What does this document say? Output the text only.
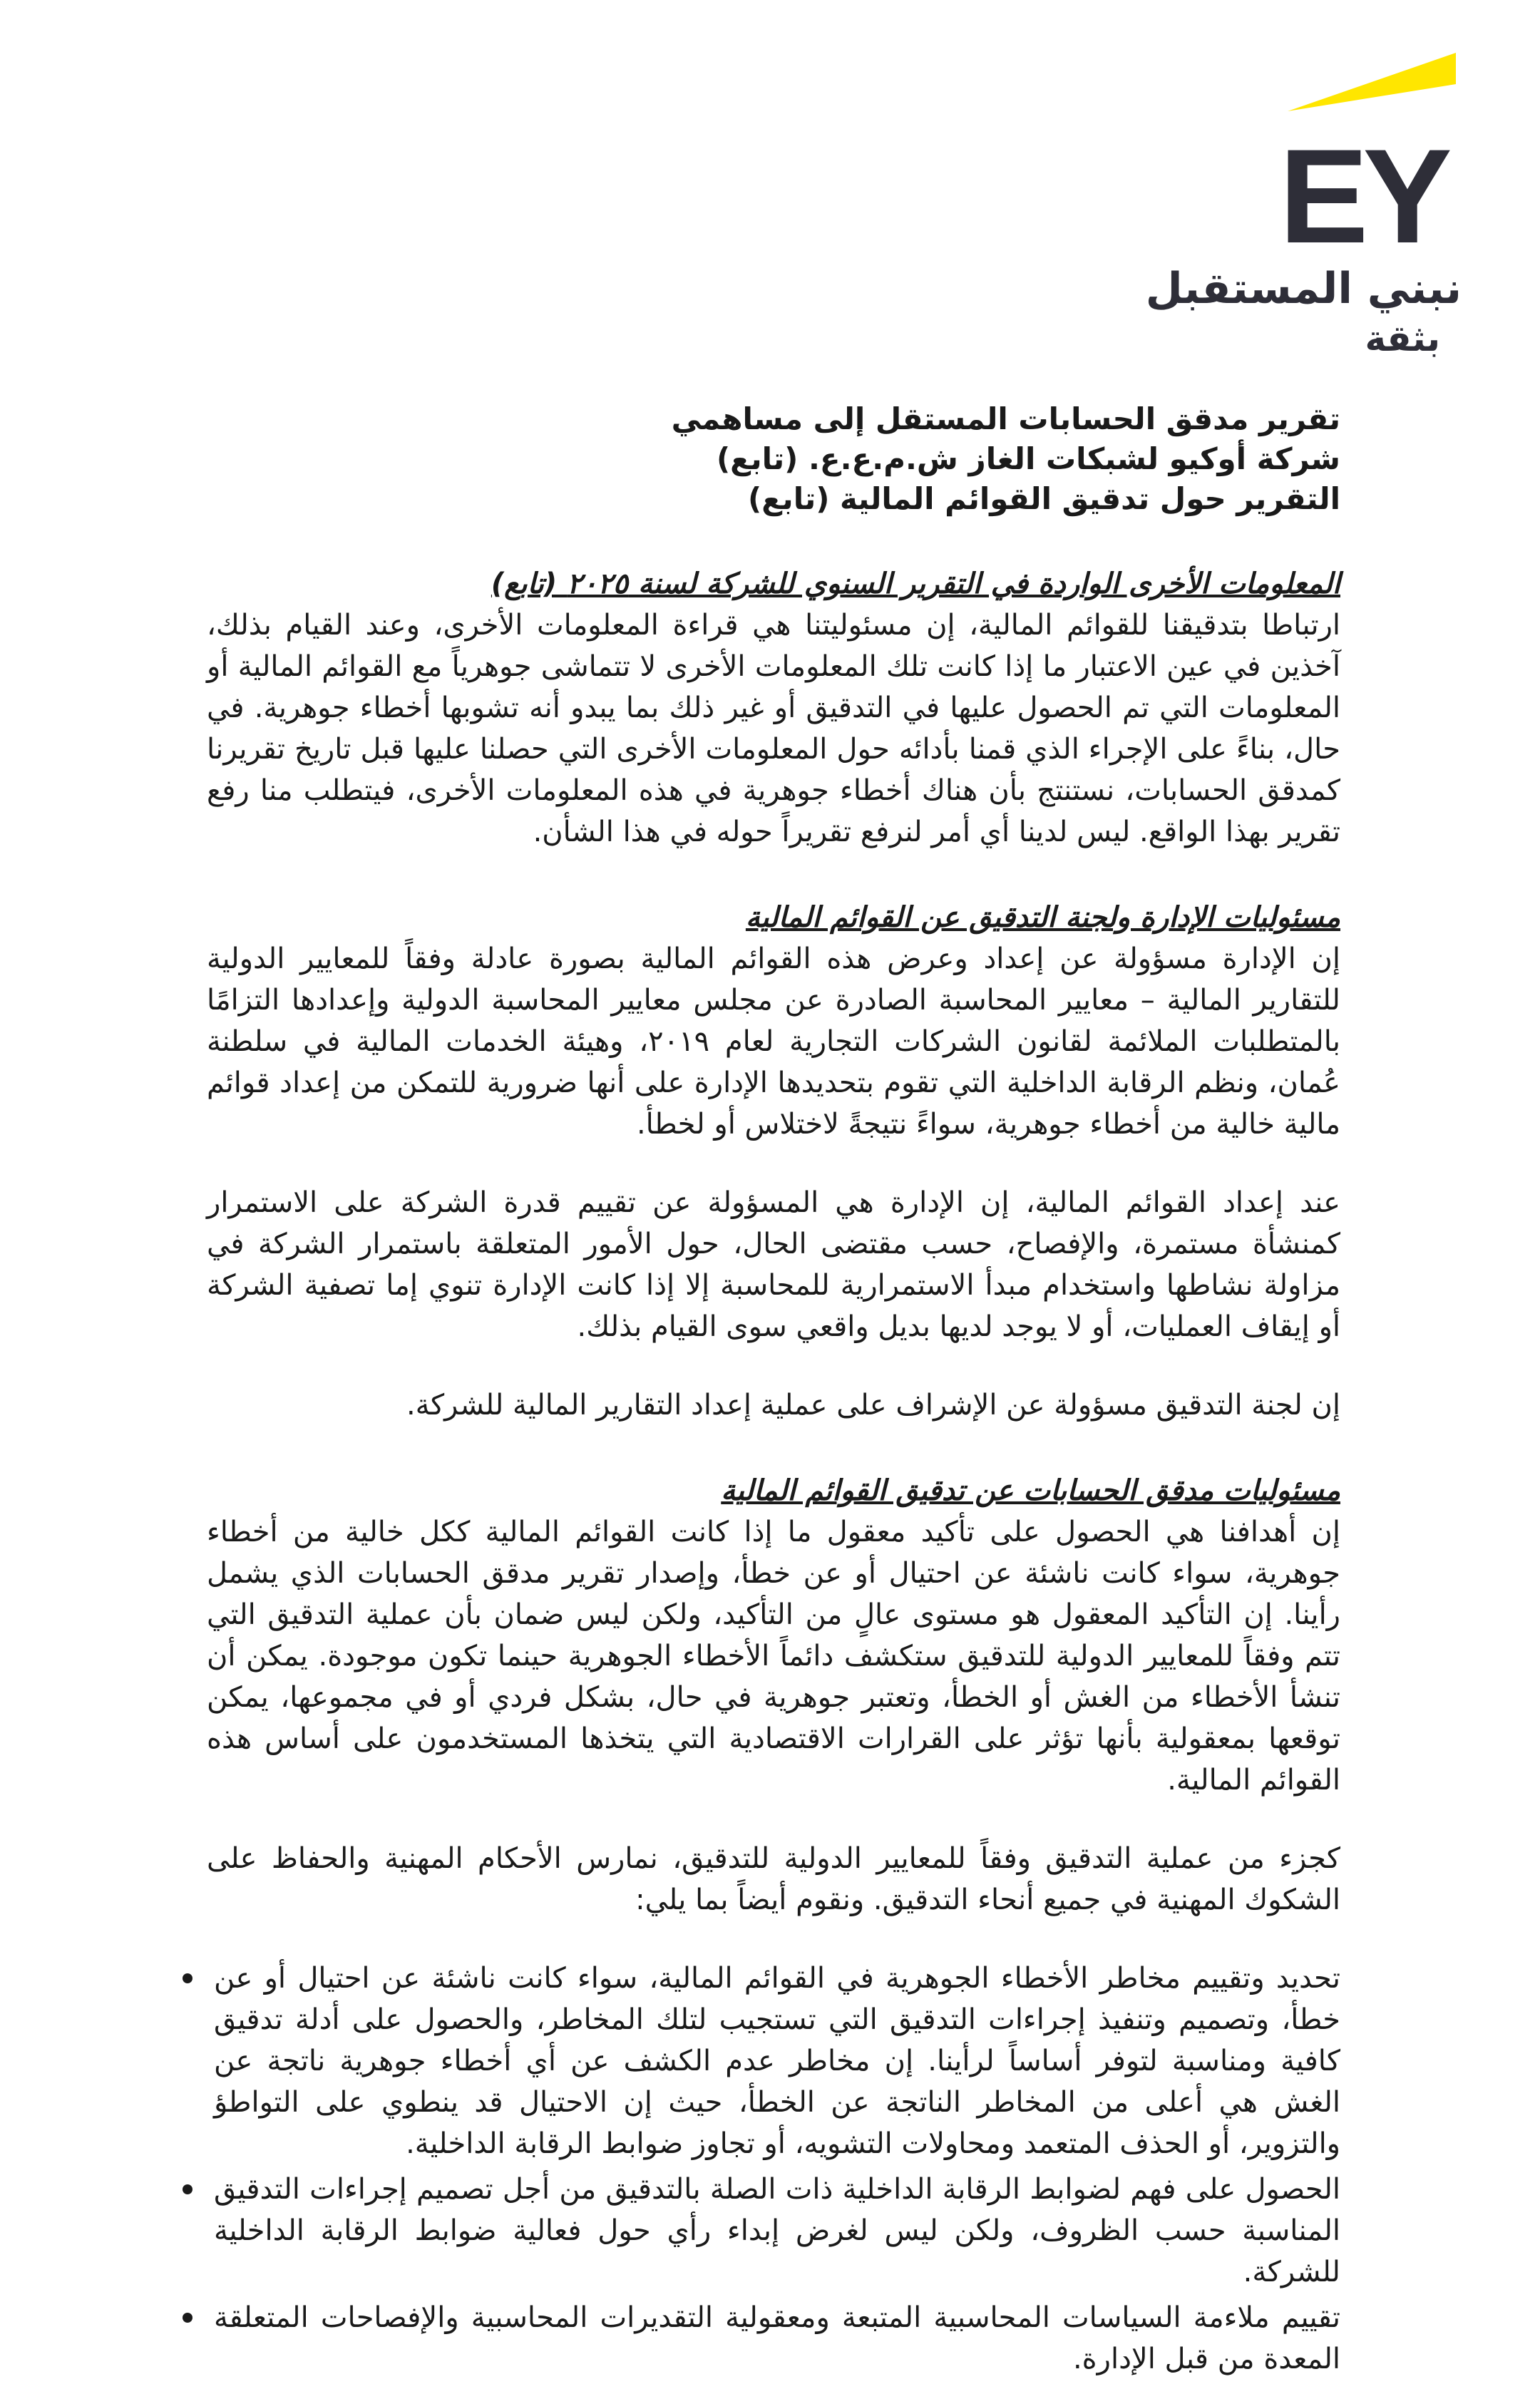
EY
نبني المستقبل
بثقة

تقرير مدقق الحسابات المستقل إلى مساهمي

شركة أوكيو لشبكات الغاز ش.م.ع.ع. (تابع)

التقرير حول تدقيق القوائم المالية (تابع)

المعلومات الأخرى الواردة في التقرير السنوي للشركة لسنة ٢٠٢٥ (تابع)

ارتباطا بتدقيقنا للقوائم المالية، إن مسئوليتنا هي قراءة المعلومات الأخرى، وعند القيام بذلك، آخذين في عين الاعتبار ما إذا كانت تلك المعلومات الأخرى لا تتماشى جوهرياً مع القوائم المالية أو المعلومات التي تم الحصول عليها في التدقيق أو غير ذلك بما يبدو أنه تشوبها أخطاء جوهرية. في حال، بناءً على الإجراء الذي قمنا بأدائه حول المعلومات الأخرى التي حصلنا عليها قبل تاريخ تقريرنا كمدقق الحسابات، نستنتج بأن هناك أخطاء جوهرية في هذه المعلومات الأخرى، فيتطلب منا رفع تقرير بهذا الواقع. ليس لدينا أي أمر لنرفع تقريراً حوله في هذا الشأن.

مسئوليات الإدارة ولجنة التدقيق عن القوائم المالية

إن الإدارة مسؤولة عن إعداد وعرض هذه القوائم المالية بصورة عادلة وفقاً للمعايير الدولية للتقارير المالية – معايير المحاسبة الصادرة عن مجلس معايير المحاسبة الدولية وإعدادها التزامًا بالمتطلبات الملائمة لقانون الشركات التجارية لعام ٢٠١٩، وهيئة الخدمات المالية في سلطنة عُمان، ونظم الرقابة الداخلية التي تقوم بتحديدها الإدارة على أنها ضرورية للتمكن من إعداد قوائم مالية خالية من أخطاء جوهرية، سواءً نتيجةً لاختلاس أو لخطأ.

عند إعداد القوائم المالية، إن الإدارة هي المسؤولة عن تقييم قدرة الشركة على الاستمرار كمنشأة مستمرة، والإفصاح، حسب مقتضى الحال، حول الأمور المتعلقة باستمرار الشركة في مزاولة نشاطها واستخدام مبدأ الاستمرارية للمحاسبة إلا إذا كانت الإدارة تنوي إما تصفية الشركة أو إيقاف العمليات، أو لا يوجد لديها بديل واقعي سوى القيام بذلك.

إن لجنة التدقيق مسؤولة عن الإشراف على عملية إعداد التقارير المالية للشركة.

مسئوليات مدقق الحسابات عن تدقيق القوائم المالية

إن أهدافنا هي الحصول على تأكيد معقول ما إذا كانت القوائم المالية ككل خالية من أخطاء جوهرية، سواء كانت ناشئة عن احتيال أو عن خطأ، وإصدار تقرير مدقق الحسابات الذي يشمل رأينا. إن التأكيد المعقول هو مستوى عالٍ من التأكيد، ولكن ليس ضمان بأن عملية التدقيق التي تتم وفقاً للمعايير الدولية للتدقيق ستكشف دائماً الأخطاء الجوهرية حينما تكون موجودة. يمكن أن تنشأ الأخطاء من الغش أو الخطأ، وتعتبر جوهرية في حال، بشكل فردي أو في مجموعها، يمكن توقعها بمعقولية بأنها تؤثر على القرارات الاقتصادية التي يتخذها المستخدمون على أساس هذه القوائم المالية.

كجزء من عملية التدقيق وفقاً للمعايير الدولية للتدقيق، نمارس الأحكام المهنية والحفاظ على الشكوك المهنية في جميع أنحاء التدقيق. ونقوم أيضاً بما يلي:

تحديد وتقييم مخاطر الأخطاء الجوهرية في القوائم المالية، سواء كانت ناشئة عن احتيال أو عن خطأ، وتصميم وتنفيذ إجراءات التدقيق التي تستجيب لتلك المخاطر، والحصول على أدلة تدقيق كافية ومناسبة لتوفر أساساً لرأينا. إن مخاطر عدم الكشف عن أي أخطاء جوهرية ناتجة عن الغش هي أعلى من المخاطر الناتجة عن الخطأ، حيث إن الاحتيال قد ينطوي على التواطؤ والتزوير، أو الحذف المتعمد ومحاولات التشويه، أو تجاوز ضوابط الرقابة الداخلية.
الحصول على فهم لضوابط الرقابة الداخلية ذات الصلة بالتدقيق من أجل تصميم إجراءات التدقيق المناسبة حسب الظروف، ولكن ليس لغرض إبداء رأي حول فعالية ضوابط الرقابة الداخلية للشركة.
تقييم ملاءمة السياسات المحاسبية المتبعة ومعقولية التقديرات المحاسبية والإفصاحات المتعلقة المعدة من قبل الإدارة.
